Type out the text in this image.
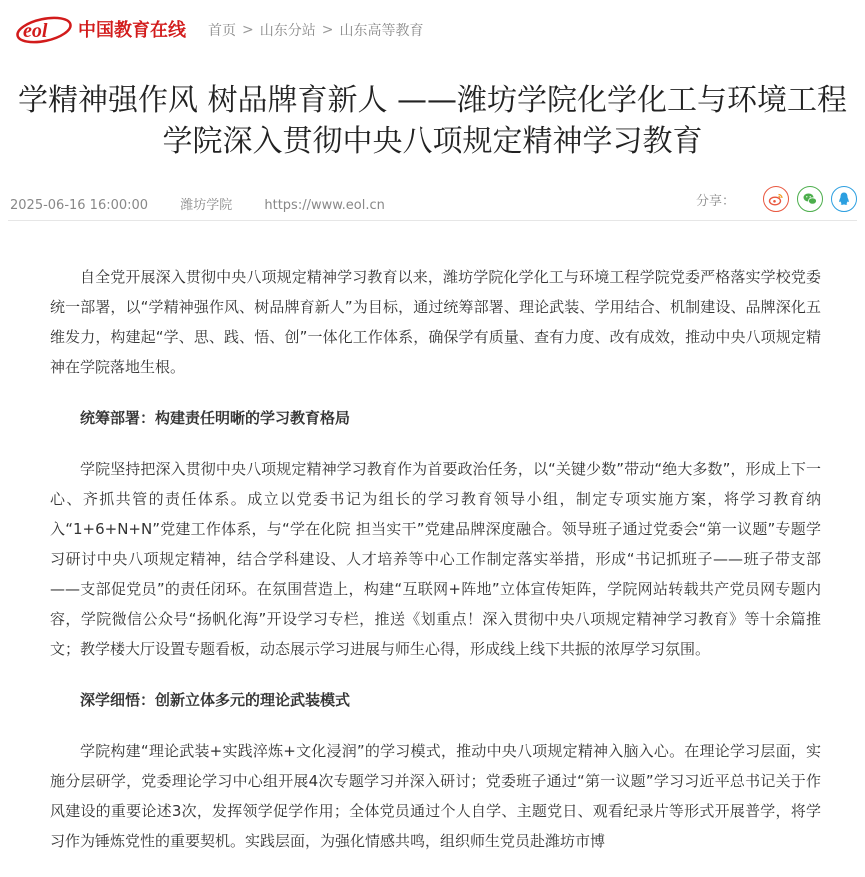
eol 中国教育在线 首页 > 山东分站 > 山东高等教育
学精神强作风 树品牌育新人 ——潍坊学院化学化工与环境工程学院深入贯彻中央八项规定精神学习教育
2025-06-16 16:00:00 潍坊学院 https://www.eol.cn	分享：

自全党开展深入贯彻中央八项规定精神学习教育以来，潍坊学院化学化工与环境工程学院党委严格落实学校党委统一部署，以“学精神强作风、树品牌育新人”为目标，通过统筹部署、理论武装、学用结合、机制建设、品牌深化五维发力，构建起“学、思、践、悟、创”一体化工作体系，确保学有质量、查有力度、改有成效，推动中央八项规定精神在学院落地生根。

统筹部署：构建责任明晰的学习教育格局

学院坚持把深入贯彻中央八项规定精神学习教育作为首要政治任务，以“关键少数”带动“绝大多数”，形成上下一心、齐抓共管的责任体系。成立以党委书记为组长的学习教育领导小组，制定专项实施方案，将学习教育纳入“1+6+N+N”党建工作体系，与“学在化院 担当实干”党建品牌深度融合。领导班子通过党委会“第一议题”专题学习研讨中央八项规定精神，结合学科建设、人才培养等中心工作制定落实举措，形成“书记抓班子——班子带支部——支部促党员”的责任闭环。在氛围营造上，构建“互联网+阵地”立体宣传矩阵，学院网站转载共产党员网专题内容，学院微信公众号“扬帆化海”开设学习专栏，推送《划重点！深入贯彻中央八项规定精神学习教育》等十余篇推文；教学楼大厅设置专题看板，动态展示学习进展与师生心得，形成线上线下共振的浓厚学习氛围。

深学细悟：创新立体多元的理论武装模式

学院构建“理论武装+实践淬炼+文化浸润”的学习模式，推动中央八项规定精神入脑入心。在理论学习层面，实施分层研学，党委理论学习中心组开展4次专题学习并深入研讨；党委班子通过“第一议题”学习习近平总书记关于作风建设的重要论述3次，发挥领学促学作用；全体党员通过个人自学、主题党日、观看纪录片等形式开展普学，将学习作为锤炼党性的重要契机。实践层面，为强化情感共鸣，组织师生党员赴潍坊市博
